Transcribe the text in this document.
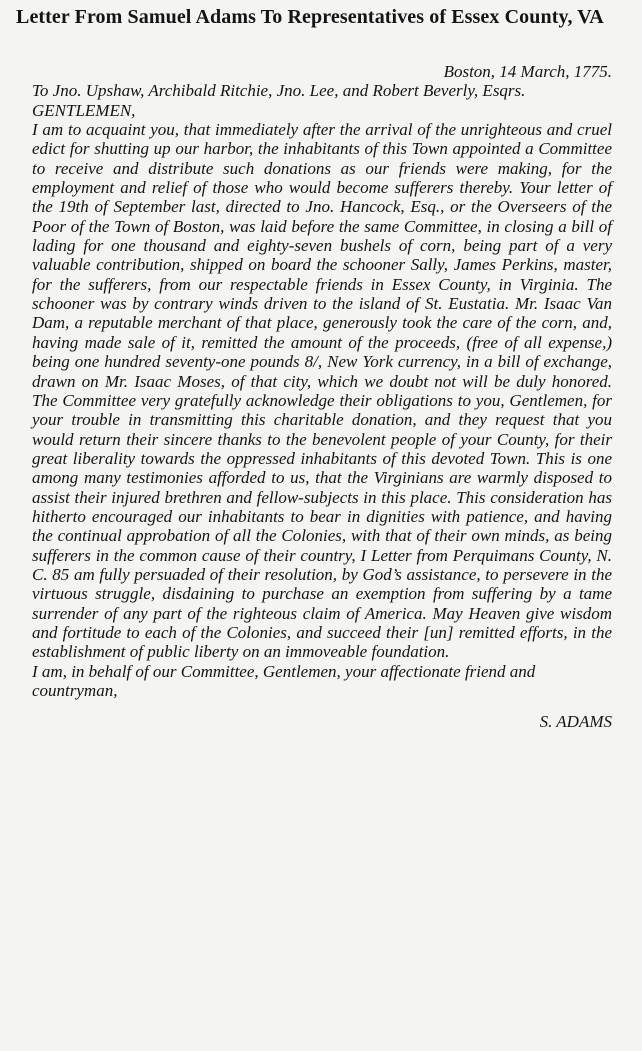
Letter From Samuel Adams To Representatives of Essex County, VA

Boston, 14 March, 1775.

To Jno. Upshaw, Archibald Ritchie, Jno. Lee, and Robert Beverly, Esqrs.

GENTLEMEN,

I am to acquaint you, that immediately after the arrival of the unrighteous and cruel edict for shutting up our harbor, the inhabitants of this Town appointed a Committee to receive and distribute such donations as our friends were making, for the employment and relief of those who would become sufferers thereby. Your letter of the 19th of September last, directed to Jno. Hancock, Esq., or the Overseers of the Poor of the Town of Boston, was laid before the same Committee, in closing a bill of lading for one thousand and eighty-seven bushels of corn, being part of a very valuable contribution, shipped on board the schooner Sally, James Perkins, master, for the sufferers, from our respectable friends in Essex County, in Virginia. The schooner was by contrary winds driven to the island of St. Eustatia. Mr. Isaac Van Dam, a reputable merchant of that place, generously took the care of the corn, and, having made sale of it, remitted the amount of the proceeds, (free of all expense,) being one hundred seventy-one pounds 8/, New York currency, in a bill of exchange, drawn on Mr. Isaac Moses, of that city, which we doubt not will be duly honored. The Committee very gratefully acknowledge their obligations to you, Gentlemen, for your trouble in transmitting this charitable donation, and they request that you would return their sincere thanks to the benevolent people of your County, for their great liberality towards the oppressed inhabitants of this devoted Town. This is one among many testimonies afforded to us, that the Virginians are warmly disposed to assist their injured brethren and fellow-subjects in this place. This consideration has hitherto encouraged our inhabitants to bear in dignities with patience, and having the continual approbation of all the Colonies, with that of their own minds, as being sufferers in the common cause of their country, I Letter from Perquimans County, N. C. 85 am fully persuaded of their resolution, by God’s assistance, to persevere in the virtuous struggle, disdaining to purchase an exemption from suffering by a tame surrender of any part of the righteous claim of America. May Heaven give wisdom and fortitude to each of the Colonies, and succeed their [un] remitted efforts, in the establishment of public liberty on an immoveable foundation.

I am, in behalf of our Committee, Gentlemen, your affectionate friend and countryman,

S. ADAMS
